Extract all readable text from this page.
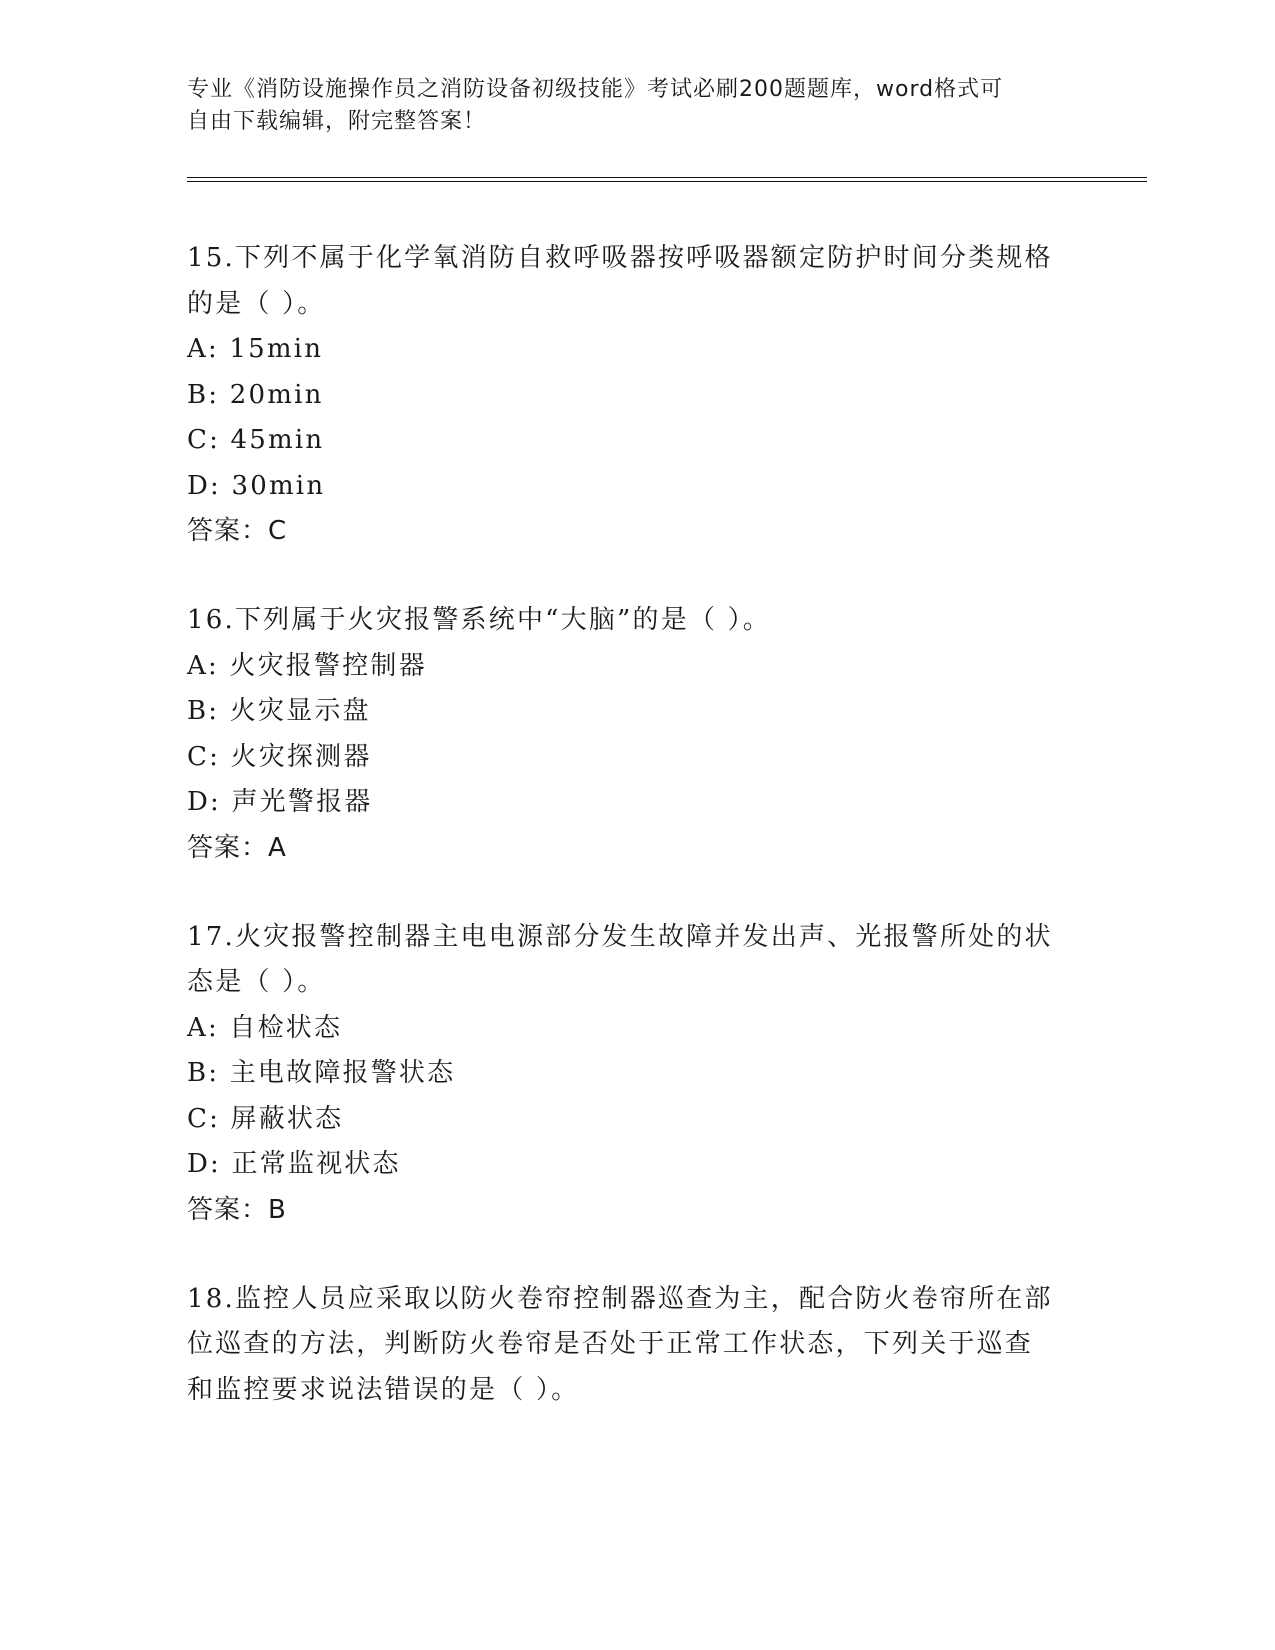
专业《消防设施操作员之消防设备初级技能》考试必刷200题题库，word格式可
自由下载编辑，附完整答案！
15.下列不属于化学氧消防自救呼吸器按呼吸器额定防护时间分类规格
的是（ ）。
A: 15min
B: 20min
C: 45min
D: 30min
答案：C
16.下列属于火灾报警系统中“大脑”的是（ ）。
A: 火灾报警控制器
B: 火灾显示盘
C: 火灾探测器
D: 声光警报器
答案：A
17.火灾报警控制器主电电源部分发生故障并发出声、光报警所处的状
态是（ ）。
A: 自检状态
B: 主电故障报警状态
C: 屏蔽状态
D: 正常监视状态
答案：B
18.监控人员应采取以防火卷帘控制器巡查为主，配合防火卷帘所在部
位巡查的方法，判断防火卷帘是否处于正常工作状态，下列关于巡查
和监控要求说法错误的是（ ）。
